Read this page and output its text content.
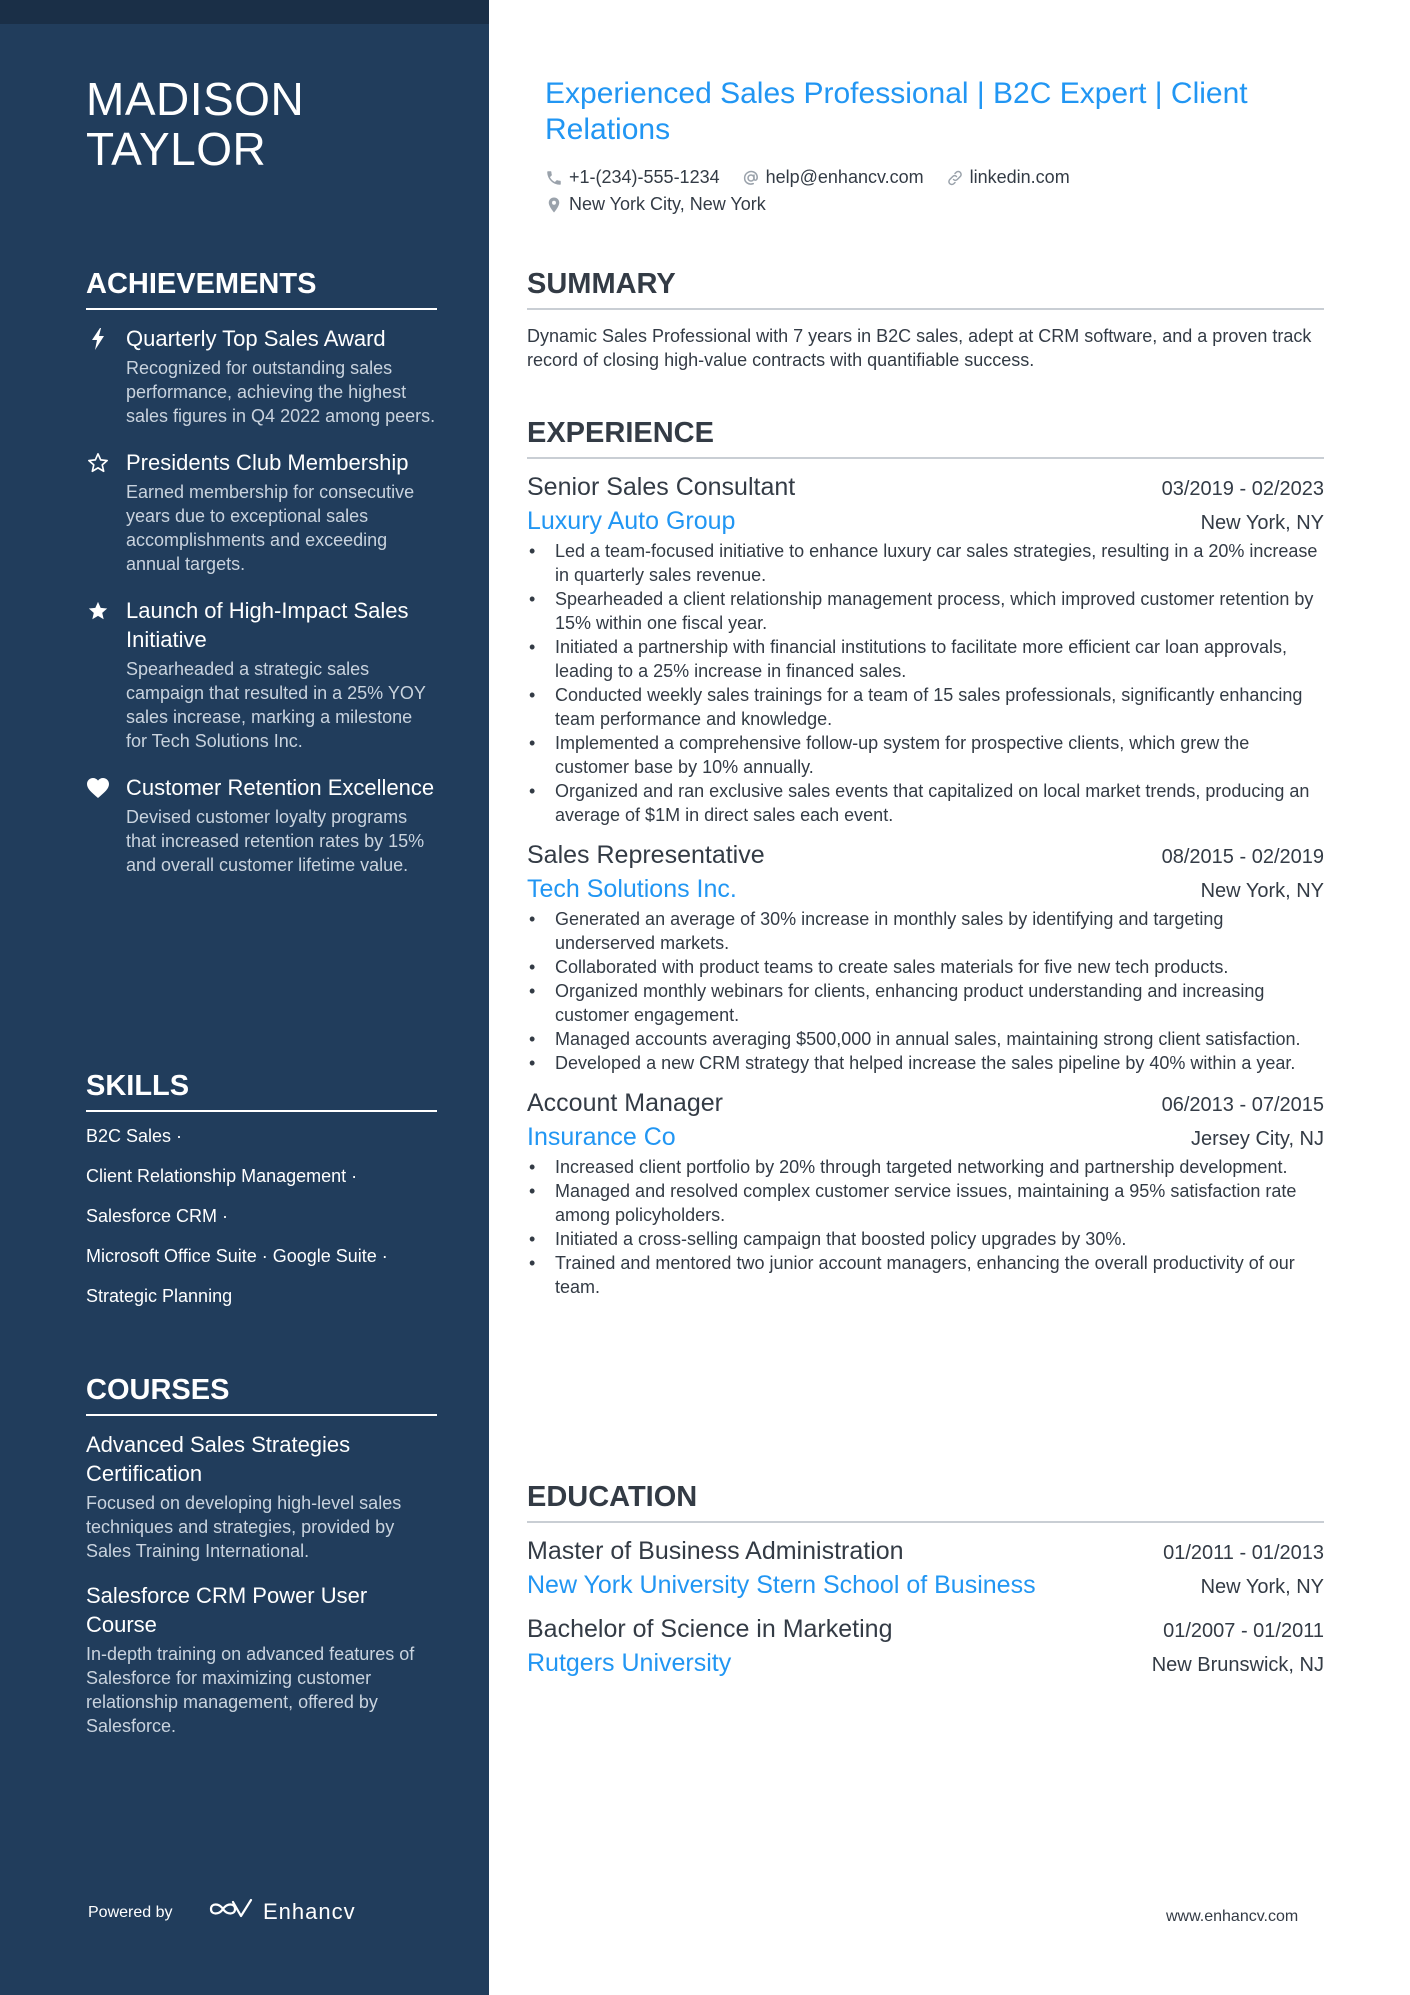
MADISON TAYLOR
ACHIEVEMENTS
Quarterly Top Sales Award
Recognized for outstanding sales performance, achieving the highest sales figures in Q4 2022 among peers.
Presidents Club Membership
Earned membership for consecutive years due to exceptional sales accomplishments and exceeding annual targets.
Launch of High-Impact Sales Initiative
Spearheaded a strategic sales campaign that resulted in a 25% YOY sales increase, marking a milestone for Tech Solutions Inc.
Customer Retention Excellence
Devised customer loyalty programs that increased retention rates by 15% and overall customer lifetime value.
SKILLS
B2C Sales ·
Client Relationship Management ·
Salesforce CRM ·
Microsoft Office Suite · Google Suite ·
Strategic Planning
COURSES
Advanced Sales Strategies Certification
Focused on developing high-level sales techniques and strategies, provided by Sales Training International.
Salesforce CRM Power User Course
In-depth training on advanced features of Salesforce for maximizing customer relationship management, offered by Salesforce.
Powered by	Enhancv
Experienced Sales Professional | B2C Expert | Client Relations
+1-(234)-555-1234	help@enhancv.com	linkedin.com
New York City, New York
SUMMARY
Dynamic Sales Professional with 7 years in B2C sales, adept at CRM software, and a proven track record of closing high-value contracts with quantifiable success.
EXPERIENCE
Senior Sales Consultant	03/2019 - 02/2023
Luxury Auto Group	New York, NY
• Led a team-focused initiative to enhance luxury car sales strategies, resulting in a 20% increase in quarterly sales revenue.
• Spearheaded a client relationship management process, which improved customer retention by 15% within one fiscal year.
• Initiated a partnership with financial institutions to facilitate more efficient car loan approvals, leading to a 25% increase in financed sales.
• Conducted weekly sales trainings for a team of 15 sales professionals, significantly enhancing team performance and knowledge.
• Implemented a comprehensive follow-up system for prospective clients, which grew the customer base by 10% annually.
• Organized and ran exclusive sales events that capitalized on local market trends, producing an average of $1M in direct sales each event.
Sales Representative	08/2015 - 02/2019
Tech Solutions Inc.	New York, NY
• Generated an average of 30% increase in monthly sales by identifying and targeting underserved markets.
• Collaborated with product teams to create sales materials for five new tech products.
• Organized monthly webinars for clients, enhancing product understanding and increasing customer engagement.
• Managed accounts averaging $500,000 in annual sales, maintaining strong client satisfaction.
• Developed a new CRM strategy that helped increase the sales pipeline by 40% within a year.
Account Manager	06/2013 - 07/2015
Insurance Co	Jersey City, NJ
• Increased client portfolio by 20% through targeted networking and partnership development.
• Managed and resolved complex customer service issues, maintaining a 95% satisfaction rate among policyholders.
• Initiated a cross-selling campaign that boosted policy upgrades by 30%.
• Trained and mentored two junior account managers, enhancing the overall productivity of our team.
EDUCATION
Master of Business Administration	01/2011 - 01/2013
New York University Stern School of Business	New York, NY
Bachelor of Science in Marketing	01/2007 - 01/2011
Rutgers University	New Brunswick, NJ
www.enhancv.com
